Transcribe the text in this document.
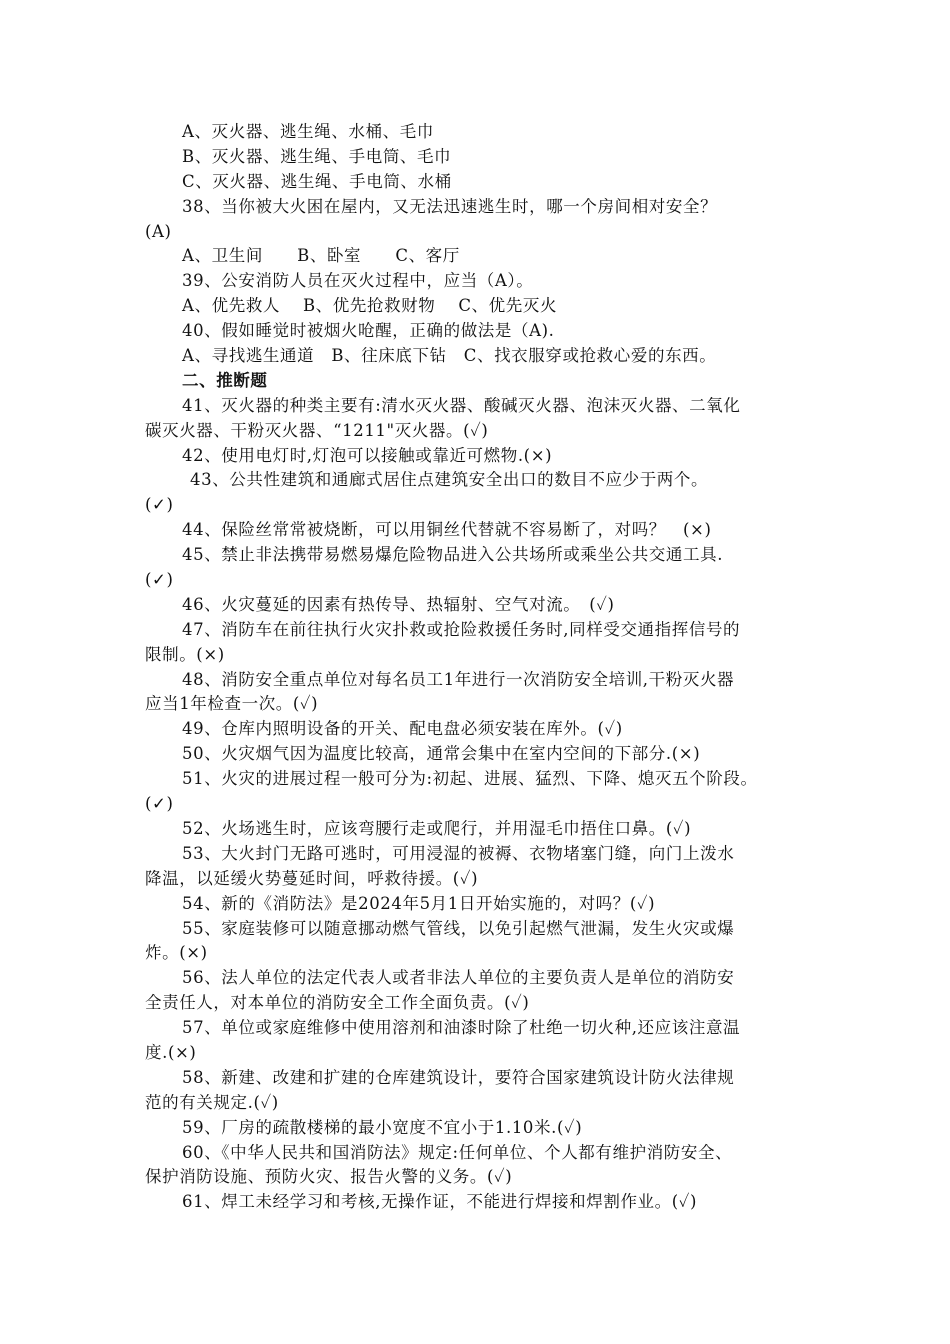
A、灭火器、逃生绳、水桶、毛巾
B、灭火器、逃生绳、手电筒、毛巾
C、灭火器、逃生绳、手电筒、水桶
38、当你被大火困在屋内，又无法迅速逃生时，哪一个房间相对安全？
(A)
A、卫生间　　B、卧室　　C、客厅
39、公安消防人员在灭火过程中，应当（A）。
A、优先救人　 B、优先抢救财物　 C、优先灭火
40、假如睡觉时被烟火呛醒，正确的做法是（A).
A、寻找逃生通道　B、往床底下钻　C、找衣服穿或抢救心爱的东西。
二、推断题
41、灭火器的种类主要有:清水灭火器、酸碱灭火器、泡沫灭火器、二氧化
碳灭火器、干粉灭火器、“1211"灭火器。(✓)
42、使用电灯时,灯泡可以接触或靠近可燃物.(×)
43、公共性建筑和通廊式居住点建筑安全出口的数目不应少于两个。
(✓)
44、保险丝常常被烧断，可以用铜丝代替就不容易断了，对吗？　(×)
45、禁止非法携带易燃易爆危险物品进入公共场所或乘坐公共交通工具.
(✓)
46、火灾蔓延的因素有热传导、热辐射、空气对流。　(✓)
47、消防车在前往执行火灾扑救或抢险救援任务时,同样受交通指挥信号的
限制。(×)
48、消防安全重点单位对每名员工1年进行一次消防安全培训,干粉灭火器
应当1年检查一次。(✓)
49、仓库内照明设备的开关、配电盘必须安装在库外。(✓)
50、火灾烟气因为温度比较高，通常会集中在室内空间的下部分.(×)
51、火灾的进展过程一般可分为:初起、进展、猛烈、下降、熄灭五个阶段。
(✓)
52、火场逃生时，应该弯腰行走或爬行，并用湿毛巾捂住口鼻。(✓)
53、大火封门无路可逃时，可用浸湿的被褥、衣物堵塞门缝，向门上泼水
降温，以延缓火势蔓延时间，呼救待援。(✓)
54、新的《消防法》是2024年5月1日开始实施的，对吗？(✓)
55、家庭装修可以随意挪动燃气管线，以免引起燃气泄漏，发生火灾或爆
炸。(×)
56、法人单位的法定代表人或者非法人单位的主要负责人是单位的消防安
全责任人，对本单位的消防安全工作全面负责。(✓)
57、单位或家庭维修中使用溶剂和油漆时除了杜绝一切火种,还应该注意温
度.(×)
58、新建、改建和扩建的仓库建筑设计，要符合国家建筑设计防火法律规
范的有关规定.(✓)
59、厂房的疏散楼梯的最小宽度不宜小于1.10米.(✓)
60、《中华人民共和国消防法》规定:任何单位、个人都有维护消防安全、
保护消防设施、预防火灾、报告火警的义务。(✓)
61、焊工未经学习和考核,无操作证，不能进行焊接和焊割作业。(✓)
